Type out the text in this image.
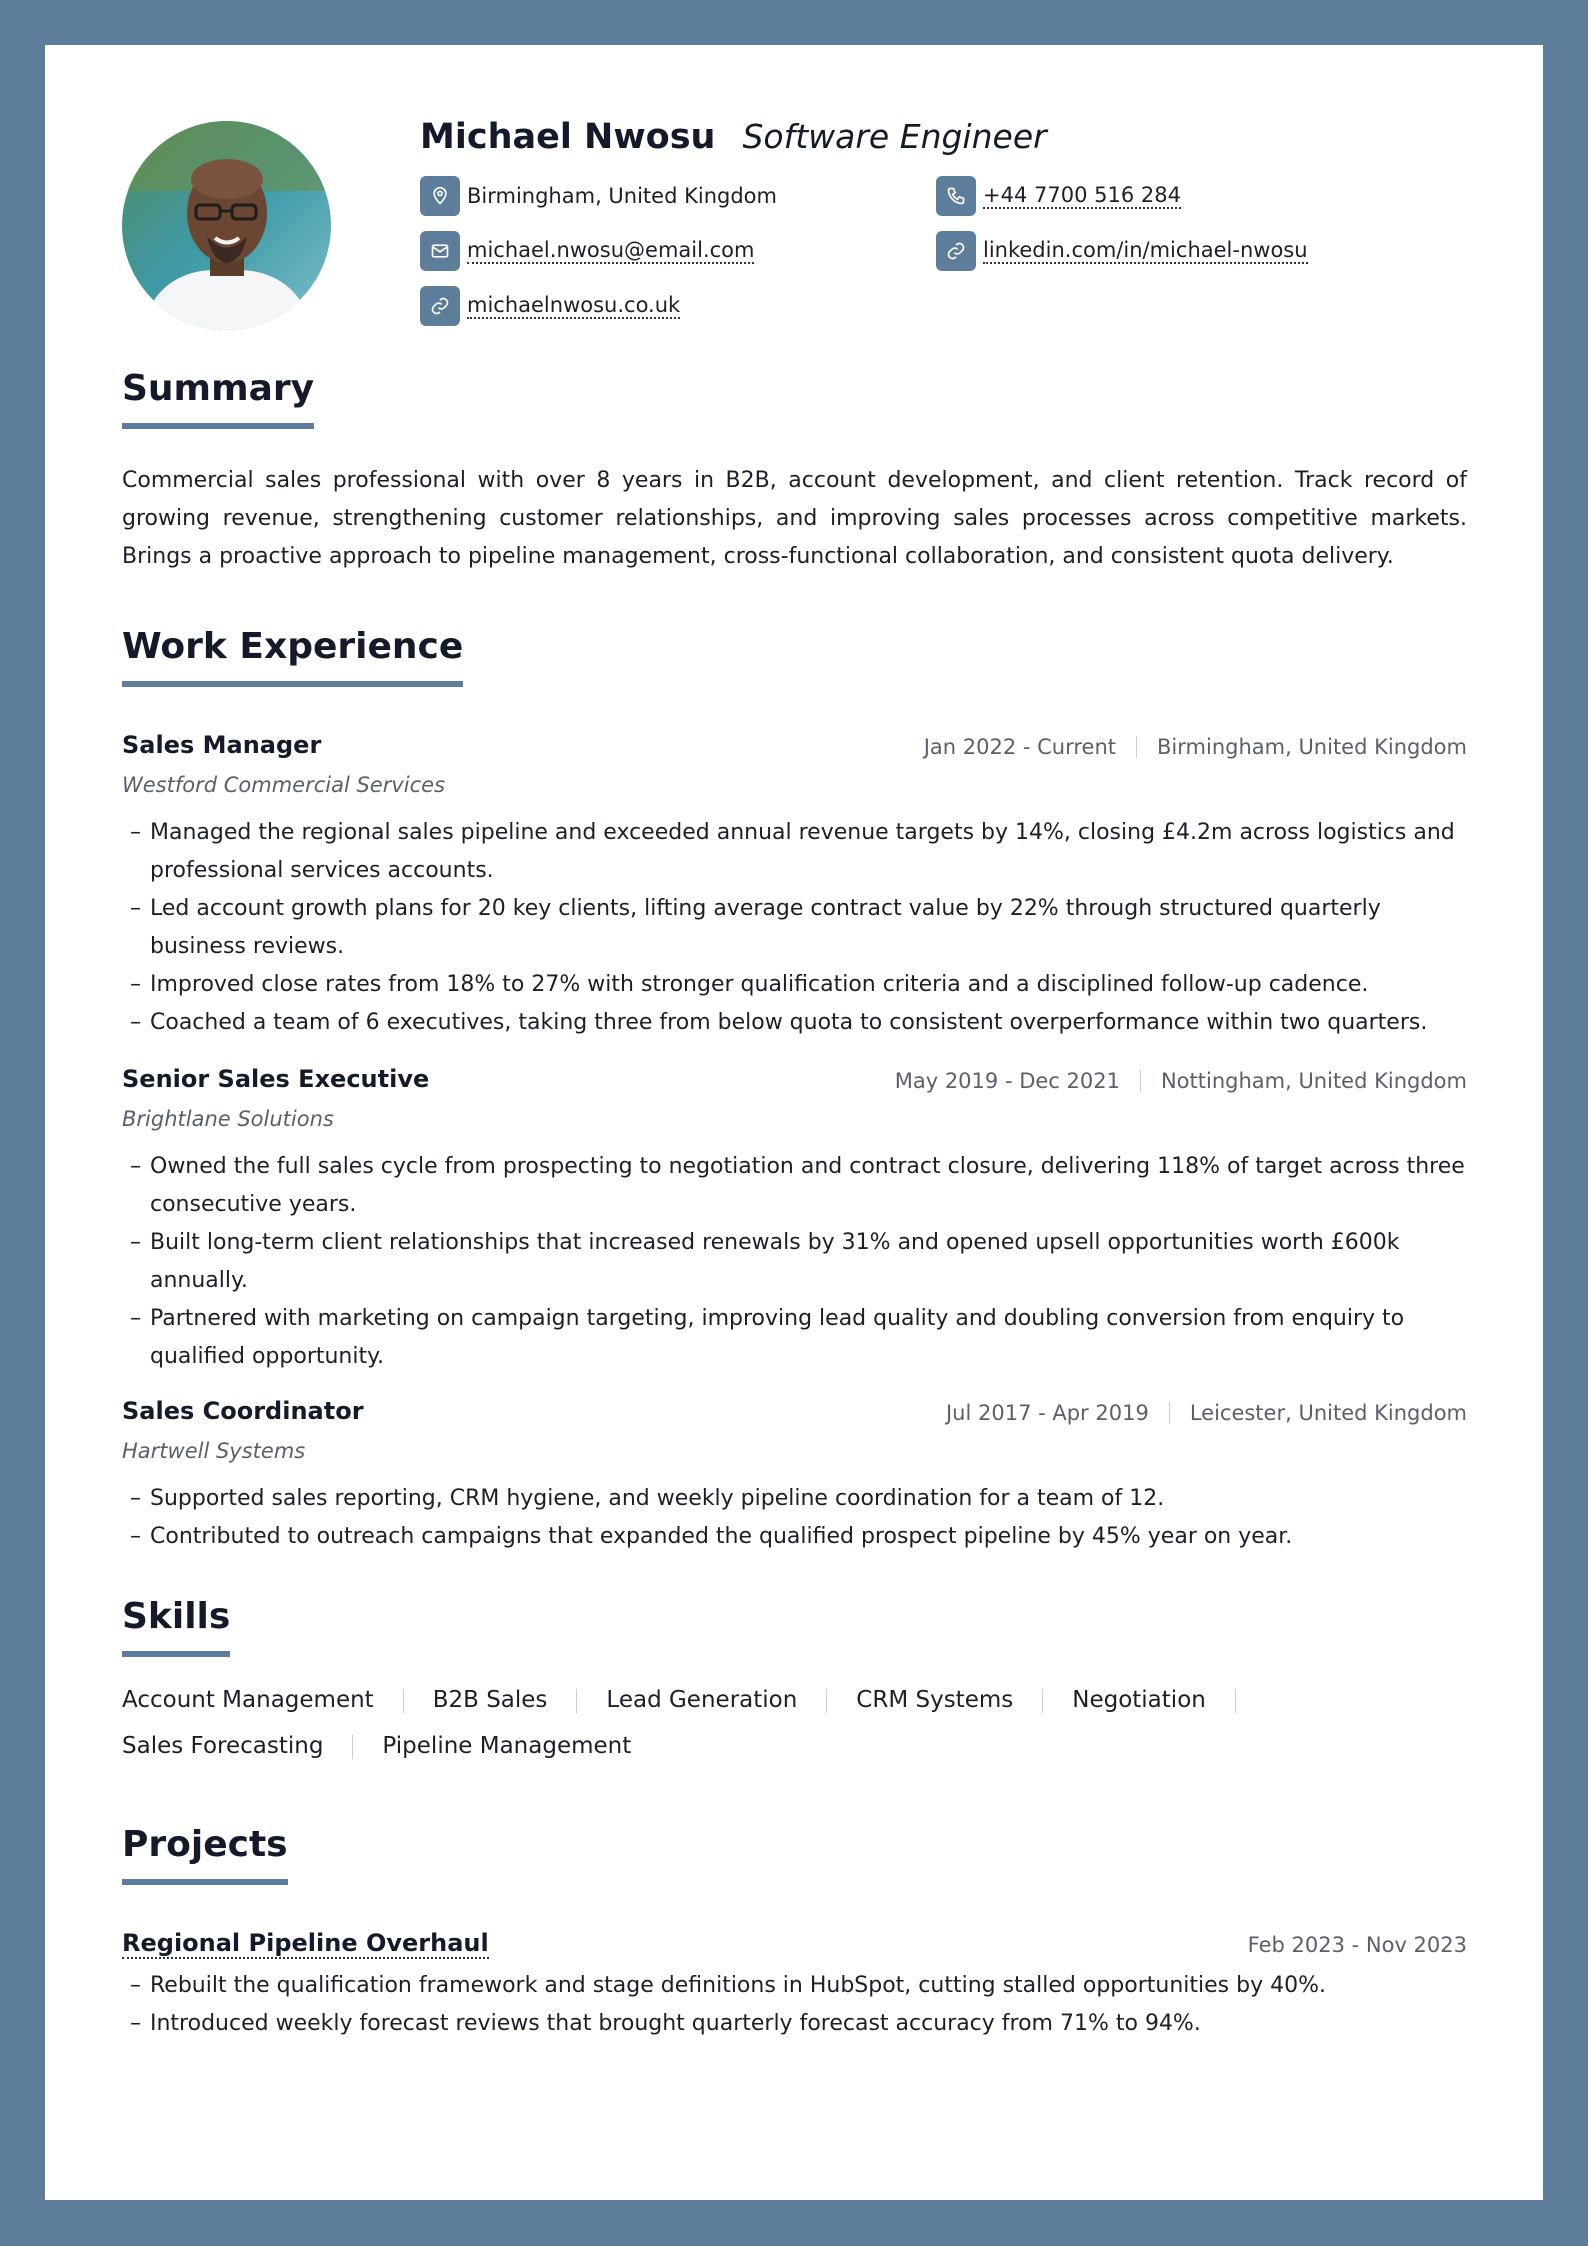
Michael Nwosu Software Engineer
Birmingham, United Kingdom	+44 7700 516 284
michael.nwosu@email.com	linkedin.com/in/michael-nwosu
michaelnwosu.co.uk
Summary
Commercial sales professional with over 8 years in B2B, account development, and client retention. Track record of growing revenue, strengthening customer relationships, and improving sales processes across competitive markets. Brings a proactive approach to pipeline management, cross-functional collaboration, and consistent quota delivery.
Work Experience
Sales Manager	Jan 2022 - Current Birmingham, United Kingdom
Westford Commercial Services
– Managed the regional sales pipeline and exceeded annual revenue targets by 14%, closing £4.2m across logistics and professional services accounts.
– Led account growth plans for 20 key clients, lifting average contract value by 22% through structured quarterly business reviews.
– Improved close rates from 18% to 27% with stronger qualification criteria and a disciplined follow-up cadence.
– Coached a team of 6 executives, taking three from below quota to consistent overperformance within two quarters.
Senior Sales Executive	May 2019 - Dec 2021 Nottingham, United Kingdom
Brightlane Solutions
– Owned the full sales cycle from prospecting to negotiation and contract closure, delivering 118% of target across three consecutive years.
– Built long-term client relationships that increased renewals by 31% and opened upsell opportunities worth £600k annually.
– Partnered with marketing on campaign targeting, improving lead quality and doubling conversion from enquiry to qualified opportunity.
Sales Coordinator	Jul 2017 - Apr 2019 Leicester, United Kingdom
Hartwell Systems
– Supported sales reporting, CRM hygiene, and weekly pipeline coordination for a team of 12.
– Contributed to outreach campaigns that expanded the qualified prospect pipeline by 45% year on year.
Skills
Account Management	B2B Sales	Lead Generation	CRM Systems	Negotiation
Sales Forecasting	Pipeline Management
Projects
Regional Pipeline Overhaul	Feb 2023 - Nov 2023
– Rebuilt the qualification framework and stage definitions in HubSpot, cutting stalled opportunities by 40%.
– Introduced weekly forecast reviews that brought quarterly forecast accuracy from 71% to 94%.
